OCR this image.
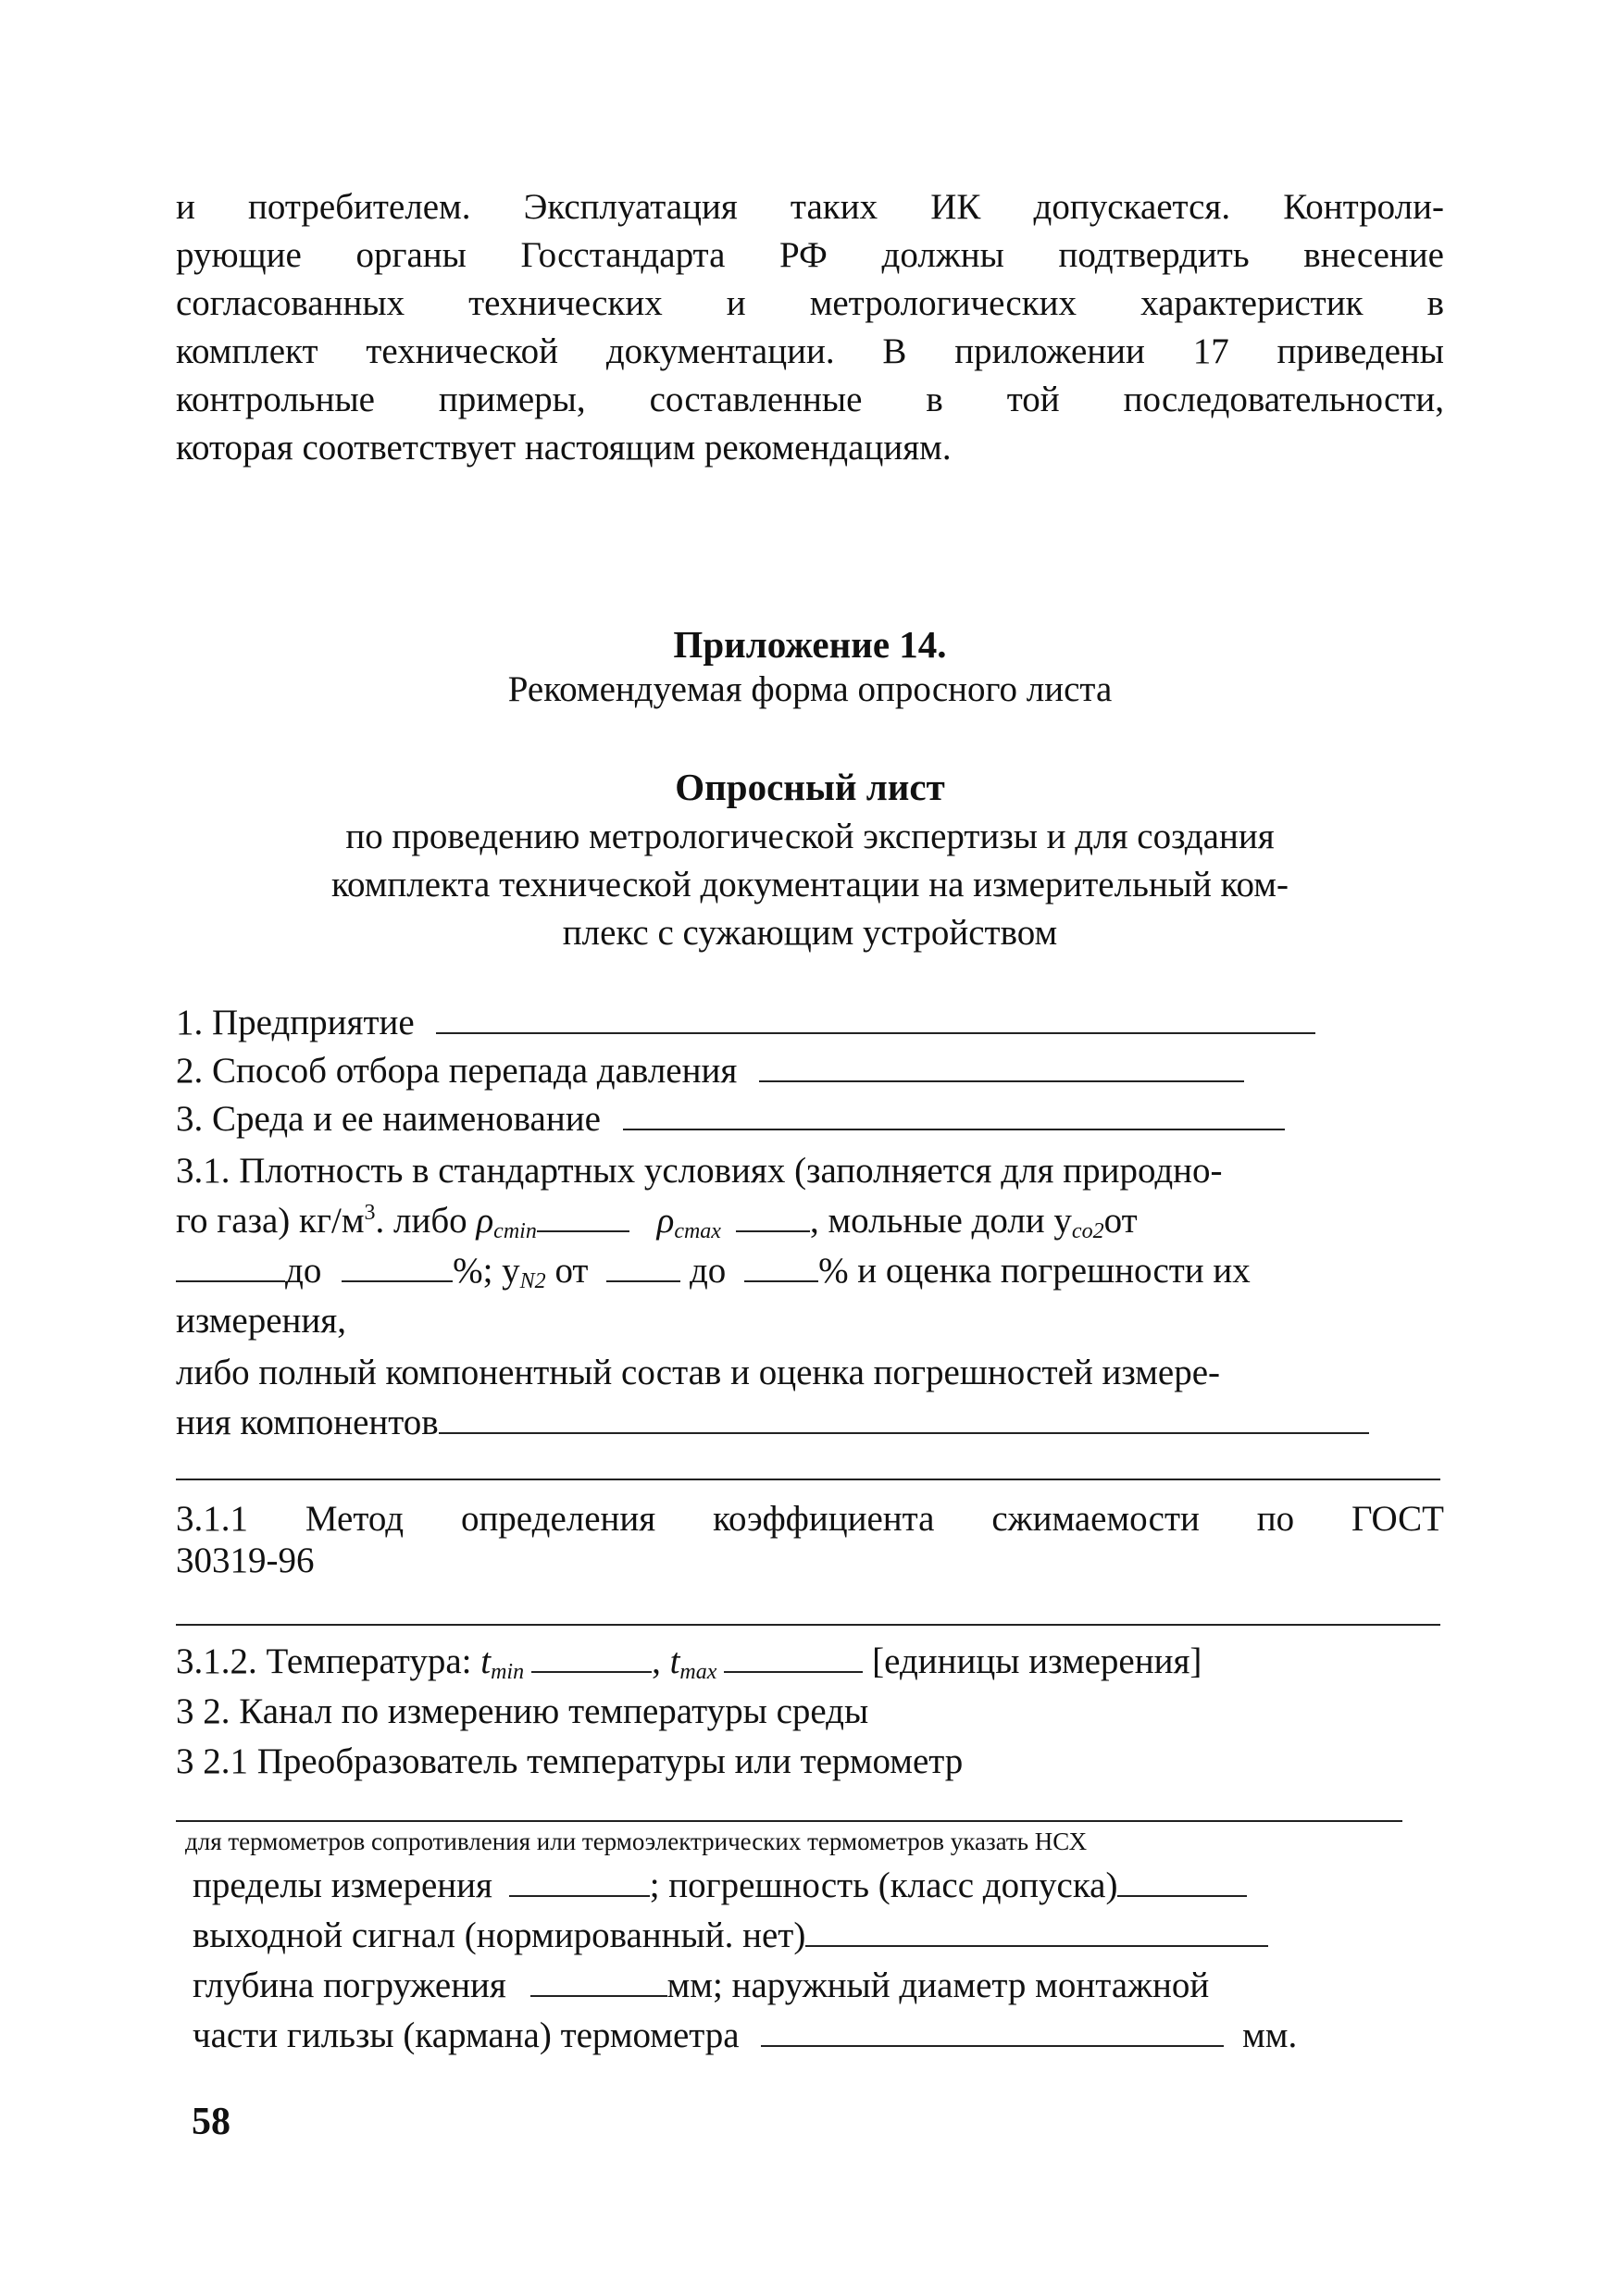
и потребителем. Эксплуатация таких ИК допускается. Контроли-
рующие органы Госстандарта РФ должны подтвердить внесение
согласованных технических и метрологических характеристик в
комплект технической документации. В приложении 17 приведены
контрольные примеры, составленные в той последовательности,
которая соответствует настоящим рекомендациям.
Приложение 14.
Рекомендуемая форма опросного листа
Опросный лист
по проведению метрологической экспертизы и для создания
комплекта технической документации на измерительный ком-
плекс с сужающим устройством
1. Предприятие
2. Способ отбора перепада давления
3. Среда и ее наименование
3.1. Плотность в стандартных условиях (заполняется для природно-
го газа) $кг/м^3$. либо $\rho_{cmin}$	$\rho_{cmax}$ , мольные доли $y_{co2}от$
до	%; $y_{N2}$ от	до	% и оценка погрешности их
измерения,
либо полный компонентный состав и оценка погрешностей измере-
ния компонентов
3.1.1 Метод определения коэффициента сжимаемости по ГОСТ
30319-96
3.1.2. Температура: $t_{min}$	, $t_{max}$	[единицы измерения]
3 2. Канал по измерению температуры среды
3 2.1 Преобразователь температуры или термометр
для термометров сопротивления или термоэлектрических термометров указать НСХ
пределы измерения	; погрешность (класс допуска)
выходной сигнал (нормированный. нет)
глубина погружения	мм; наружный диаметр монтажной
части гильзы (кармана) термометра	мм.
58
